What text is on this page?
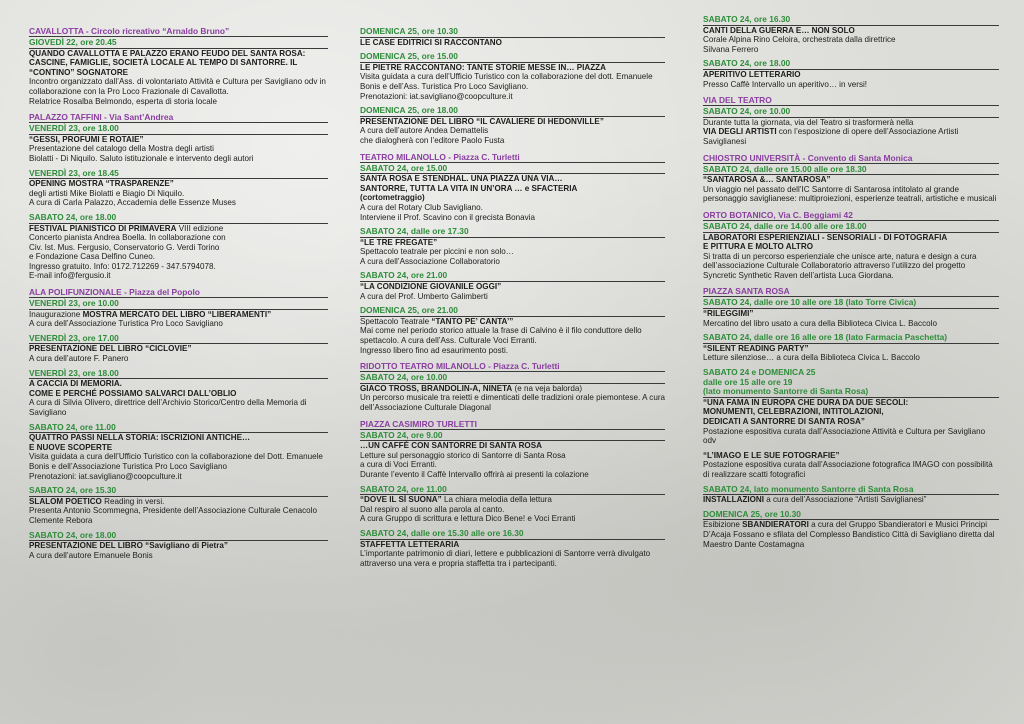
CAVALLOTTA - Circolo ricreativo “Arnaldo Bruno”
GIOVEDÌ 22, ore 20.45
QUANDO CAVALLOTTA E PALAZZO ERANO FEUDO DEL SANTA ROSA: CASCINE, FAMIGLIE, SOCIETÀ LOCALE AL TEMPO DI SANTORRE. IL “CONTINO” SOGNATORE
Incontro organizzato dall’Ass. di volontariato Attività e Cultura per Savigliano odv in collaborazione con la Pro Loco Frazionale di Cavallotta.
Relatrice Rosalba Belmondo, esperta di storia locale
PALAZZO TAFFINI - Via Sant’Andrea
VENERDÌ 23, ore 18.00
“GESSI, PROFUMI E ROTAIE”
Presentazione del catalogo della Mostra degli artisti
Biolatti - Di Niquilo. Saluto istituzionale e intervento degli autori
VENERDÌ 23, ore 18.45
OPENING MOSTRA “TRASPARENZE”
degli artisti Mike Biolatti e Biagio Di Niquilo.
A cura di Carla Palazzo, Accademia delle Essenze Muses
SABATO 24, ore 18.00
FESTIVAL PIANISTICO DI PRIMAVERA VIII edizione
Concerto pianista Andrea Boella. In collaborazione con
Civ. Ist. Mus. Fergusio, Conservatorio G. Verdi Torino
e Fondazione Casa Delfino Cuneo.
Ingresso gratuito. Info: 0172.712269 - 347.5794078.
E-mail info@fergusio.it
ALA POLIFUNZIONALE - Piazza del Popolo
VENERDÌ 23, ore 10.00
Inaugurazione MOSTRA MERCATO DEL LIBRO “LIBERAMENTI”
A cura dell’Associazione Turistica Pro Loco Savigliano
VENERDÌ 23, ore 17.00
PRESENTAZIONE DEL LIBRO “CICLOVIE”
A cura dell’autore F. Panero
VENERDÌ 23, ore 18.00
A CACCIA DI MEMORIA.
COME E PERCHÉ POSSIAMO SALVARCI DALL’OBLIO
A cura di Silvia Olivero, direttrice dell’Archivio Storico/Centro della Memoria di Savigliano
SABATO 24, ore 11.00
QUATTRO PASSI NELLA STORIA: ISCRIZIONI ANTICHE…
E NUOVE SCOPERTE
Visita guidata a cura dell’Ufficio Turistico con la collaborazione del Dott. Emanuele Bonis e dell’Associazione Turistica Pro Loco Savigliano
Prenotazioni: iat.savigliano@coopculture.it
SABATO 24, ore 15.30
SLALOM POETICO Reading in versi.
Presenta Antonio Scommegna, Presidente dell’Associazione Culturale Cenacolo Clemente Rebora
SABATO 24, ore 18.00
PRESENTAZIONE DEL LIBRO “Savigliano di Pietra”
A cura dell’autore Emanuele Bonis
DOMENICA 25, ore 10.30
LE CASE EDITRICI SI RACCONTANO
DOMENICA 25, ore 15.00
LE PIETRE RACCONTANO: TANTE STORIE MESSE IN… PIAZZA
Visita guidata a cura dell’Ufficio Turistico con la collaborazione del dott. Emanuele Bonis e dell’Ass. Turistica Pro Loco Savigliano.
Prenotazioni: iat.savigliano@coopculture.it
DOMENICA 25, ore 18.00
PRESENTAZIONE DEL LIBRO “IL CAVALIERE DI HEDONVILLE”
A cura dell’autore Andea Demattelis
che dialogherà con l’editore Paolo Fusta
TEATRO MILANOLLO - Piazza C. Turletti
SABATO 24, ore 15.00
SANTA ROSA E STENDHAL. UNA PIAZZA UNA VIA…
SANTORRE, TUTTA LA VITA IN UN’ORA … e SFACTERIA
(cortometraggio)
A cura del Rotary Club Savigliano.
Interviene il Prof. Scavino con il grecista Bonavia
SABATO 24, dalle ore 17.30
“LE TRE FREGATE”
Spettacolo teatrale per piccini e non solo…
A cura dell’Associazione Collaboratorio
SABATO 24, ore 21.00
“LA CONDIZIONE GIOVANILE OGGI”
A cura del Prof. Umberto Galimberti
DOMENICA 25, ore 21.00
Spettacolo Teatrale “TANTO PE’ CANTA’”
Mai come nel periodo storico attuale la frase di Calvino è il filo conduttore dello spettacolo. A cura dell’Ass. Culturale Voci Erranti.
Ingresso libero fino ad esaurimento posti.
RIDOTTO TEATRO MILANOLLO - Piazza C. Turletti
SABATO 24, ore 10.00
GIACO TROSS, BRANDOLIN-A, NINETA (e na veja balorda)
Un percorso musicale tra reietti e dimenticati delle tradizioni orale piemontese. A cura dell’Associazione Culturale Diagonal
PIAZZA CASIMIRO TURLETTI
SABATO 24, ore 9.00
…UN CAFFÈ CON SANTORRE DI SANTA ROSA
Letture sul personaggio storico di Santorre di Santa Rosa
a cura di Voci Erranti.
Durante l’evento il Caffè Intervallo offrirà ai presenti la colazione
SABATO 24, ore 11.00
“DOVE IL SÌ SUONA” La chiara melodia della lettura
Dal respiro al suono alla parola al canto.
A cura Gruppo di scrittura e lettura Dico Bene! e Voci Erranti
SABATO 24, dalle ore 15.30 alle ore 16.30
STAFFETTA LETTERARIA
L’importante patrimonio di diari, lettere e pubblicazioni di Santorre verrà divulgato attraverso una vera e propria staffetta tra i partecipanti.
SABATO 24, ore 16.30
CANTI DELLA GUERRA E… NON SOLO
Corale Alpina Rino Celoira, orchestrata dalla direttrice
Silvana Ferrero
SABATO 24, ore 18.00
APERITIVO LETTERARIO
Presso Caffè Intervallo un aperitivo… in versi!
VIA DEL TEATRO
SABATO 24, ore 10.00
Durante tutta la giornata, via del Teatro si trasformerà nella
VIA DEGLI ARTISTI con l’esposizione di opere dell’Associazione Artisti Saviglianesi
CHIOSTRO UNIVERSITÀ - Convento di Santa Monica
SABATO 24, dalle ore 15.00 alle ore 18.30
“SANTAROSA &… SANTAROSA”
Un viaggio nel passato dell’IC Santorre di Santarosa intitolato al grande personaggio saviglianese: multiproiezioni, esperienze teatrali, artistiche e musicali
ORTO BOTANICO, Via C. Beggiami 42
SABATO 24, dalle ore 14.00 alle ore 18.00
LABORATORI ESPERIENZIALI - SENSORIALI - DI FOTOGRAFIA
E PITTURA E MOLTO ALTRO
Si tratta di un percorso esperienziale che unisce arte, natura e design a cura dell’associazione Culturale Collaboratorio attraverso l’utilizzo del progetto Syncretic Synthetic Raven dell’artista Luca Giordana.
PIAZZA SANTA ROSA
SABATO 24, dalle ore 10 alle ore 18 (lato Torre Civica)
“RILEGGIMI”
Mercatino del libro usato a cura della Biblioteca Civica L. Baccolo
SABATO 24, dalle ore 16 alle ore 18 (lato Farmacia Paschetta)
“SILENT READING PARTY”
Letture silenziose… a cura della Biblioteca Civica L. Baccolo
SABATO 24 e DOMENICA 25
dalle ore 15 alle ore 19
(lato monumento Santorre di Santa Rosa)
“UNA FAMA IN EUROPA CHE DURA DA DUE SECOLI:
MONUMENTI, CELEBRAZIONI, INTITOLAZIONI,
DEDICATI A SANTORRE DI SANTA ROSA”
Postazione espositiva curata dall’Associazione Attività e Cultura per Savigliano odv
“L’IMAGO E LE SUE FOTOGRAFIE”
Postazione espositiva curata dall’Associazione fotografica IMAGO con possibilità di realizzare scatti fotografici
SABATO 24, lato monumento Santorre di Santa Rosa
INSTALLAZIONI a cura dell’Associazione “Artisti Saviglianesi”
DOMENICA 25, ore 10.30
Esibizione SBANDIERATORI a cura del Gruppo Sbandieratori e Musici Principi D’Acaja Fossano e sfilata del Complesso Bandistico Città di Savigliano diretta dal Maestro Dante Costamagna
